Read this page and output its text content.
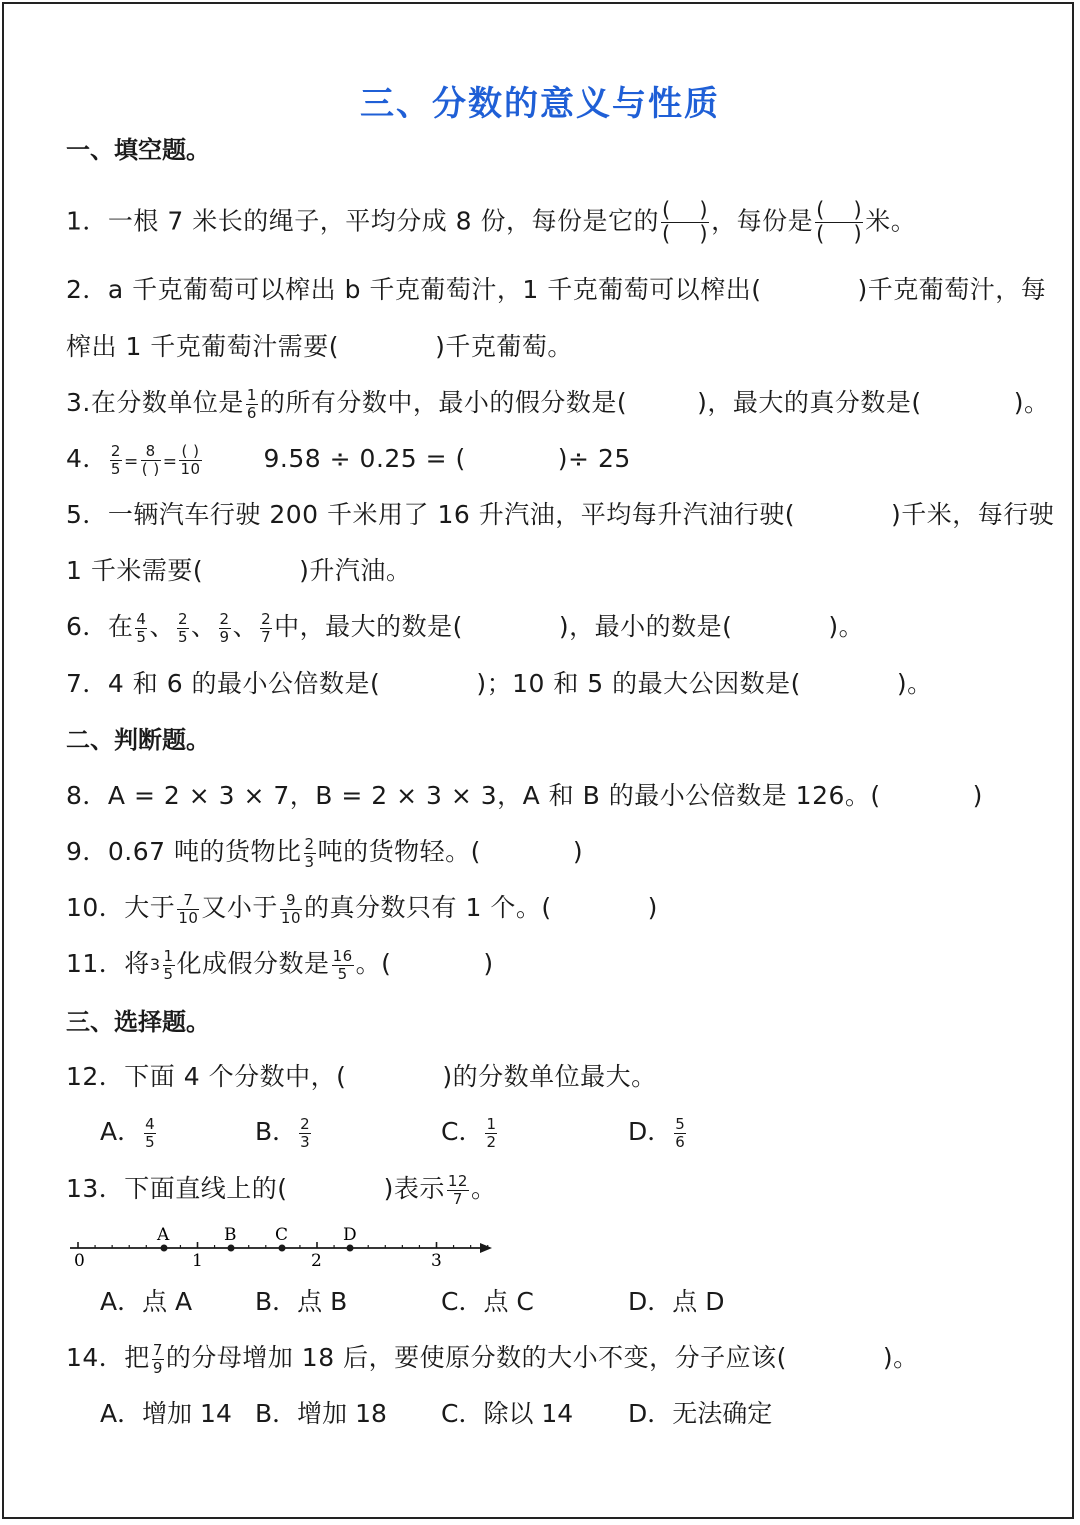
三、分数的意义与性质
一、填空题。
1．一根 7 米长的绳子，平均分成 8 份，每份是它的 $\frac{( )}{( )}$ ，每份是 $\frac{( )}{( )}$ 米。
2．a 千克葡萄可以榨出 b 千克葡萄汁，1 千克葡萄可以榨出(	)千克葡萄汁，每
榨出 1 千克葡萄汁需要(	)千克葡萄。
3.在分数单位是 $\frac{1}{6}$ 的所有分数中，最小的假分数是(	)，最大的真分数是(	)。
4． $\frac{2}{5} = \frac{8}{( )} = \frac{( )}{10} 9.58 \div 0.25$ = (	)÷ 25
5．一辆汽车行驶 200 千米用了 16 升汽油，平均每升汽油行驶(	)千米，每行驶
1 千米需要(	)升汽油。
6．在 $\frac{4}{5}$ 、 $\frac{2}{5}$ 、 $\frac{2}{9}$ 、 $\frac{2}{7}$ 中，最大的数是(	)，最小的数是(	)。
7．4 和 6 的最小公倍数是(	)；10 和 5 的最大公因数是(	)。
二、判断题。
8．A = 2 × 3 × 7，B = 2 × 3 × 3，A 和 B 的最小公倍数是 126。(	)
9．0.67 吨的货物比 $\frac{2}{3}$ 吨的货物轻。(	)
10．大于 $\frac{7}{10}$ 又小于 $\frac{9}{10}$ 的真分数只有 1 个。(	)
11．将$3 \frac{1}{5}$ 化成假分数是 $\frac{16}{5}$ 。(	)
三、选择题。
12．下面 4 个分数中，(	)的分数单位最大。
A． $\frac{4}{5}$	B． $\frac{2}{3}$	C． $\frac{1}{2}$	D． $\frac{5}{6}$
13．下面直线上的(	)表示 $\frac{12}{7}$ 。
0	1	2	3
A	B C	D
A．点 A	B．点 B	C．点 C	D．点 D
14．把 $\frac{7}{9}$ 的分母增加 18 后，要使原分数的大小不变，分子应该(	)。
A．增加 14 B．增加 18 C．除以 14 D．无法确定
